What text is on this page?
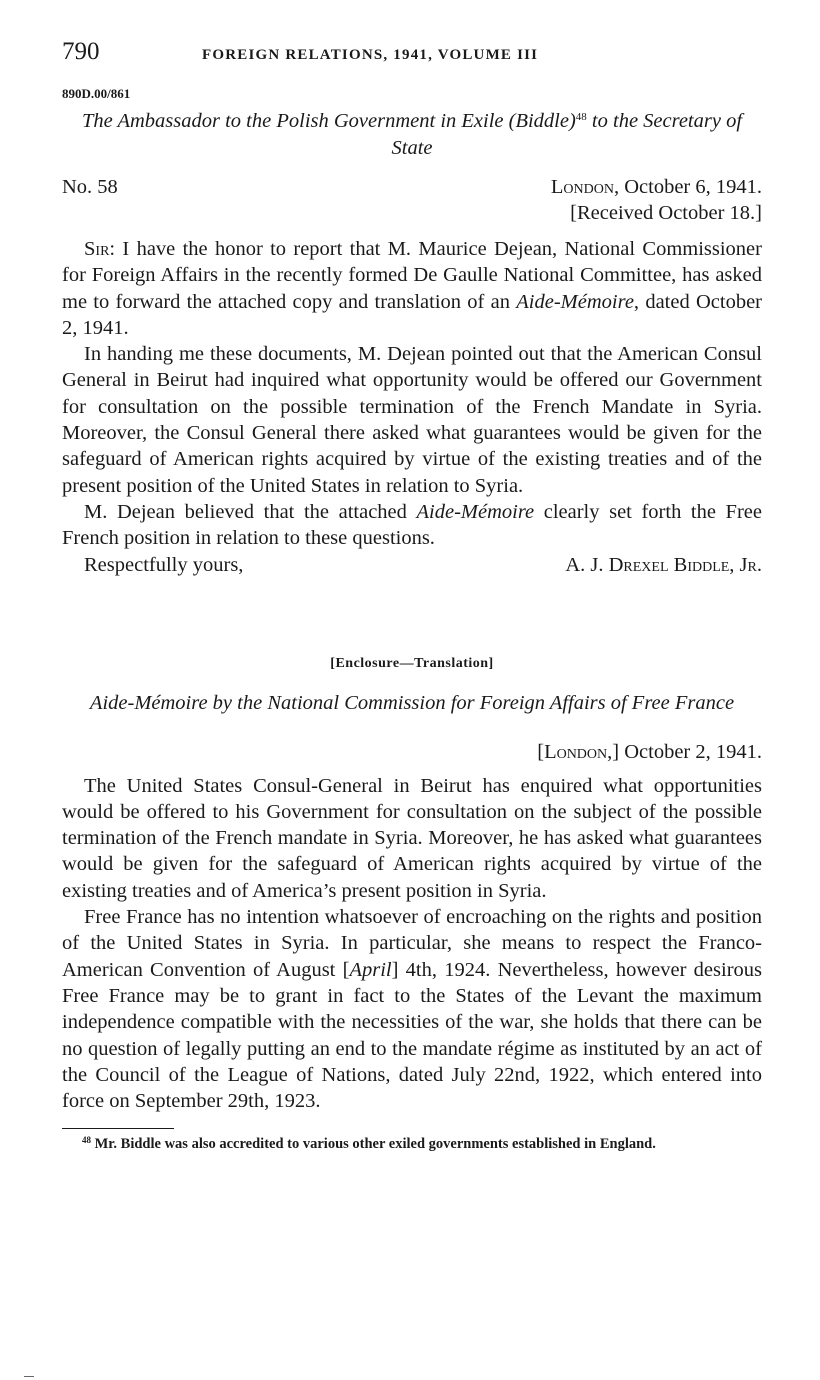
790	FOREIGN RELATIONS, 1941, VOLUME III
890D.00/861
The Ambassador to the Polish Government in Exile (Biddle)$^{48}$ to the Secretary of State
No. 58	London, October 6, 1941.
[Received October 18.]

Sir: I have the honor to report that M. Maurice Dejean, National Commissioner for Foreign Affairs in the recently formed De Gaulle National Committee, has asked me to forward the attached copy and translation of an Aide-Mémoire, dated October 2, 1941.

In handing me these documents, M. Dejean pointed out that the American Consul General in Beirut had inquired what opportunity would be offered our Government for consultation on the possible termination of the French Mandate in Syria. Moreover, the Consul General there asked what guarantees would be given for the safeguard of American rights acquired by virtue of the existing treaties and of the present position of the United States in relation to Syria.

M. Dejean believed that the attached Aide-Mémoire clearly set forth the Free French position in relation to these questions.

Respectfully yours,	A. J. Drexel Biddle, Jr.
[Enclosure—Translation]
Aide-Mémoire by the National Commission for Foreign Affairs of Free France
[London,] October 2, 1941.

The United States Consul-General in Beirut has enquired what opportunities would be offered to his Government for consultation on the subject of the possible termination of the French mandate in Syria. Moreover, he has asked what guarantees would be given for the safeguard of American rights acquired by virtue of the existing treaties and of America’s present position in Syria.

Free France has no intention whatsoever of encroaching on the rights and position of the United States in Syria. In particular, she means to respect the Franco-American Convention of August [April] 4th, 1924. Nevertheless, however desirous Free France may be to grant in fact to the States of the Levant the maximum independence compatible with the necessities of the war, she holds that there can be no question of legally putting an end to the mandate régime as instituted by an act of the Council of the League of Nations, dated July 22nd, 1922, which entered into force on September 29th, 1923.

$^{48}$ Mr. Biddle was also accredited to various other exiled governments established in England.
